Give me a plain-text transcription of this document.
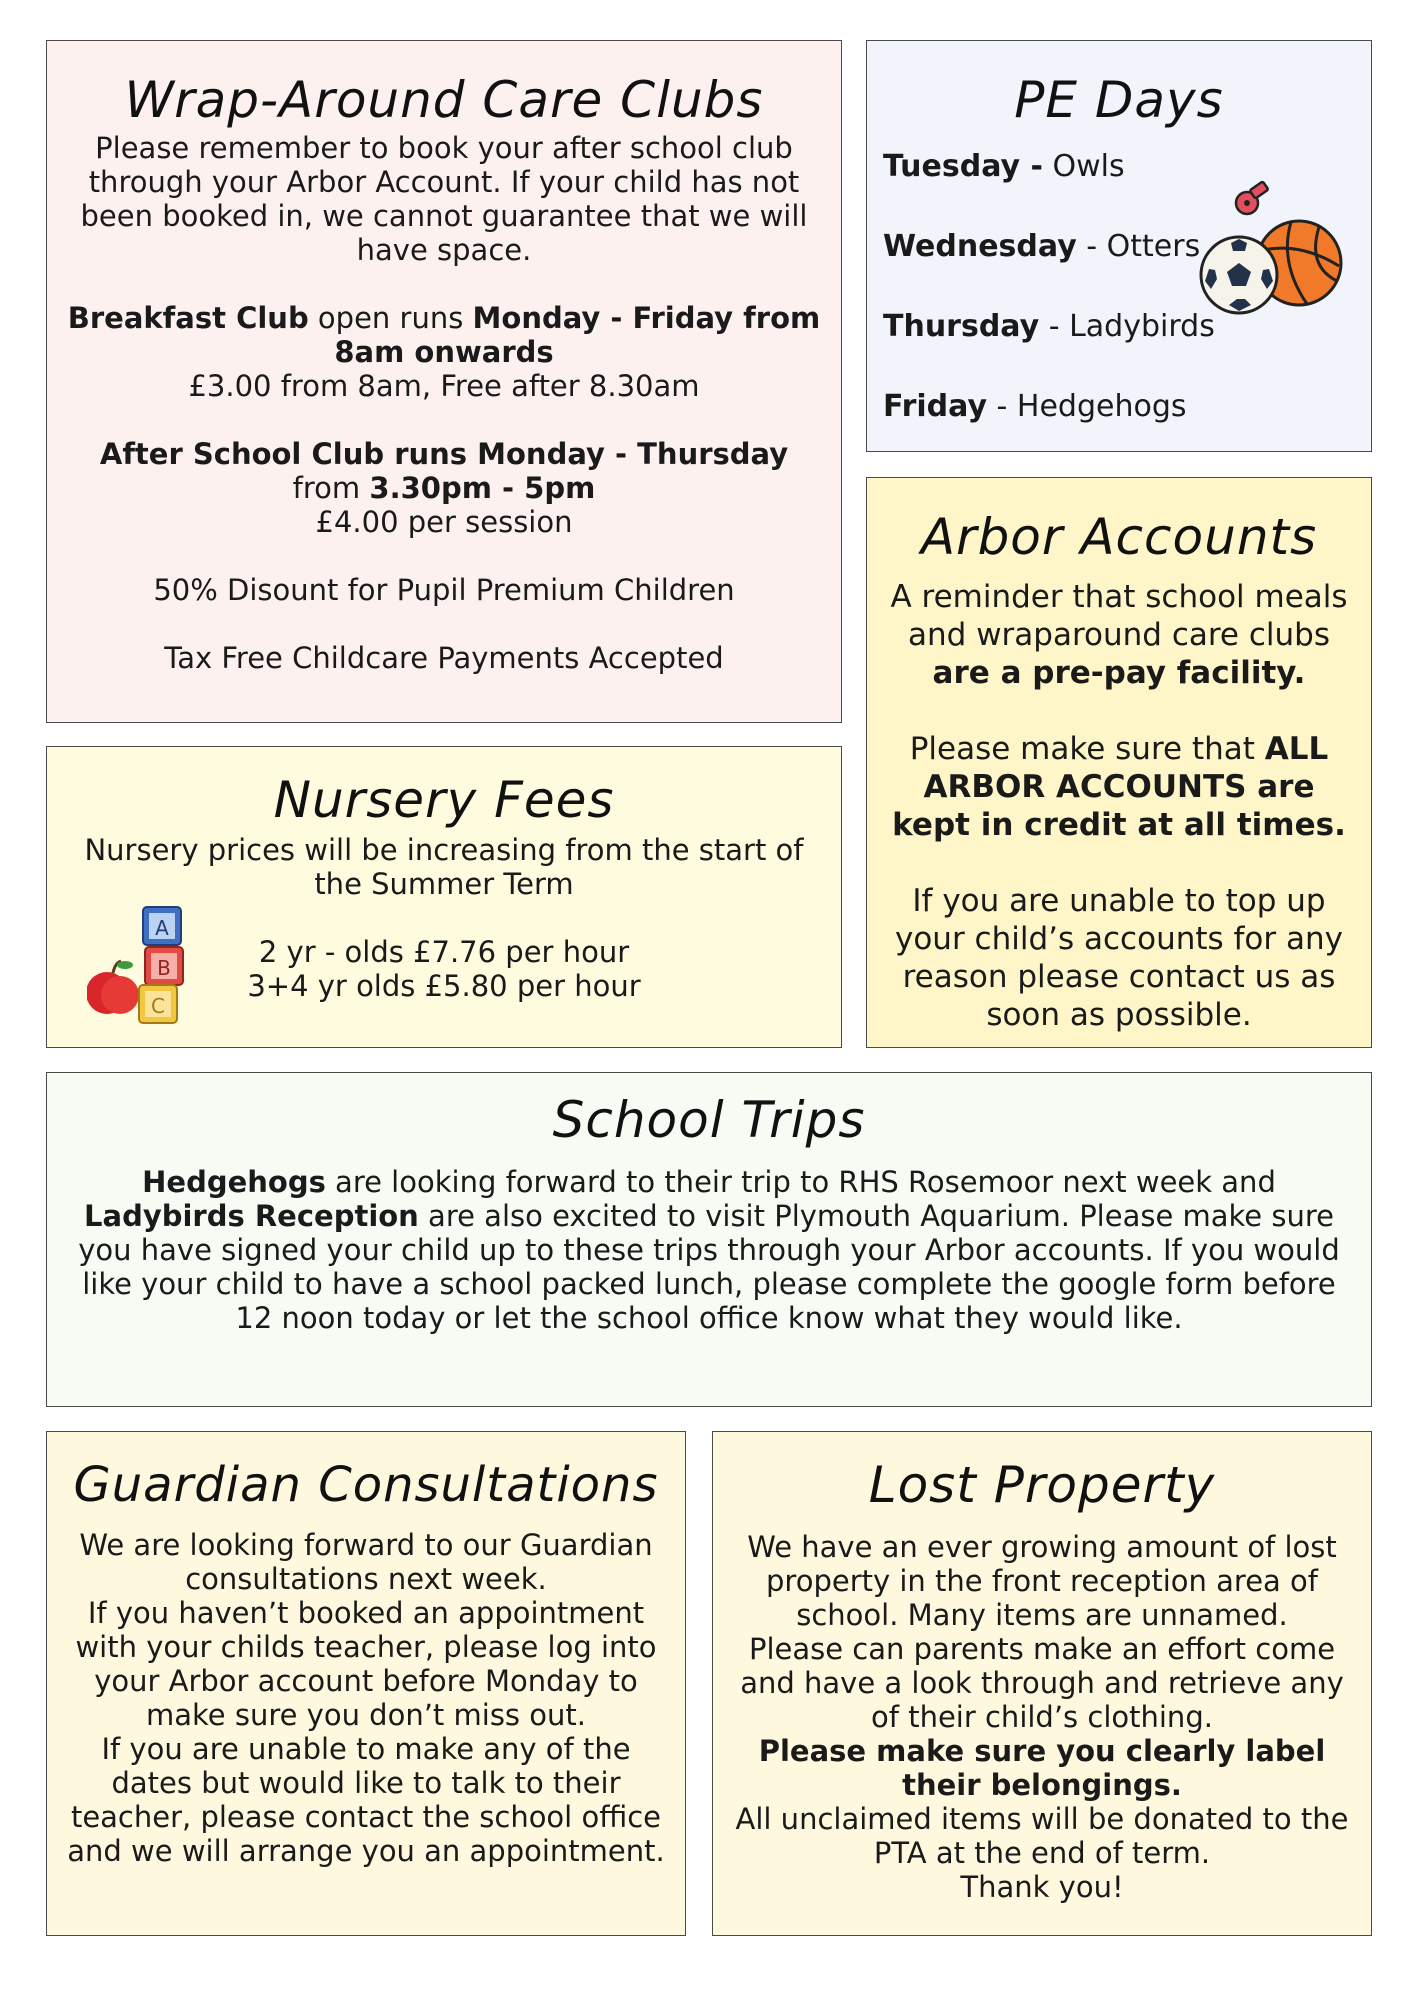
Wrap-Around Care Clubs

Please remember to book your after school club through your Arbor Account. If your child has not been booked in, we cannot guarantee that we will have space.

Breakfast Club open runs Monday - Friday from 8am onwards

£3.00 from 8am, Free after 8.30am

After School Club runs Monday - Thursday from 3.30pm - 5pm

£4.00 per session

50% Disount for Pupil Premium Children

Tax Free Childcare Payments Accepted

PE Days
Tuesday - Owls
Wednesday - Otters
Thursday - Ladybirds
Friday - Hedgehogs
Arbor Accounts

A reminder that school meals and wraparound care clubs are a pre-pay facility.

Please make sure that ALL ARBOR ACCOUNTS are kept in credit at all times.

If you are unable to top up your child’s accounts for any reason please contact us as soon as possible.

Nursery Fees

Nursery prices will be increasing from the start of the Summer Term

2 yr - olds £7.76 per hour

3+4 yr olds £5.80 per hour

A
B
C
School Trips

Hedgehogs are looking forward to their trip to RHS Rosemoor next week and Ladybirds Reception are also excited to visit Plymouth Aquarium. Please make sure you have signed your child up to these trips through your Arbor accounts. If you would like your child to have a school packed lunch, please complete the google form before 12 noon today or let the school office know what they would like.

Guardian Consultations

We are looking forward to our Guardian consultations next week.

If you haven’t booked an appointment with your childs teacher, please log into your Arbor account before Monday to make sure you don’t miss out.

If you are unable to make any of the dates but would like to talk to their teacher, please contact the school office and we will arrange you an appointment.

Lost Property

We have an ever growing amount of lost property in the front reception area of school. Many items are unnamed.

Please can parents make an effort come and have a look through and retrieve any of their child’s clothing.

Please make sure you clearly label their belongings.

All unclaimed items will be donated to the PTA at the end of term.

Thank you!
